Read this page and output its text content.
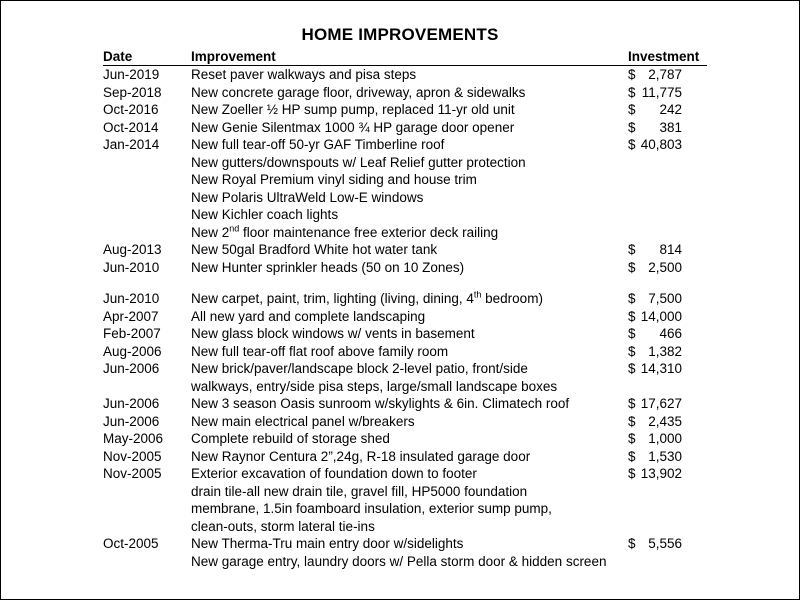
HOME IMPROVEMENTS
Date	Improvement	Investment
Jun-2019 Reset paver walkways and pisa steps	$ 2,787
Sep-2018 New concrete garage floor, driveway, apron & sidewalks	$ 11,775
Oct-2016 New Zoeller ½ HP sump pump, replaced 11-yr old unit	$ 242
Oct-2014 New Genie Silentmax 1000 ¾ HP garage door opener	$ 381
Jan-2014 New full tear-off 50-yr GAF Timberline roof	$ 40,803
New gutters/downspouts w/ Leaf Relief gutter protection
New Royal Premium vinyl siding and house trim
New Polaris UltraWeld Low-E windows
New Kichler coach lights
New 2nd floor maintenance free exterior deck railing
Aug-2013 New 50gal Bradford White hot water tank	$ 814
Jun-2010 New Hunter sprinkler heads (50 on 10 Zones)	$ 2,500
Jun-2010 New carpet, paint, trim, lighting (living, dining, 4th bedroom)	$ 7,500
Apr-2007 All new yard and complete landscaping	$ 14,000
Feb-2007 New glass block windows w/ vents in basement	$ 466
Aug-2006 New full tear-off flat roof above family room	$ 1,382
Jun-2006 New brick/paver/landscape block 2-level patio, front/side	$ 14,310
walkways, entry/side pisa steps, large/small landscape boxes
Jun-2006 New 3 season Oasis sunroom w/skylights & 6in. Climatech roof	$ 17,627
Jun-2006 New main electrical panel w/breakers	$ 2,435
May-2006 Complete rebuild of storage shed	$ 1,000
Nov-2005 New Raynor Centura 2”,24g, R-18 insulated garage door	$ 1,530
Nov-2005 Exterior excavation of foundation down to footer	$ 13,902
drain tile-all new drain tile, gravel fill, HP5000 foundation
membrane, 1.5in foamboard insulation, exterior sump pump,
clean-outs, storm lateral tie-ins
Oct-2005 New Therma-Tru main entry door w/sidelights	$ 5,556
New garage entry, laundry doors w/ Pella storm door & hidden screen
